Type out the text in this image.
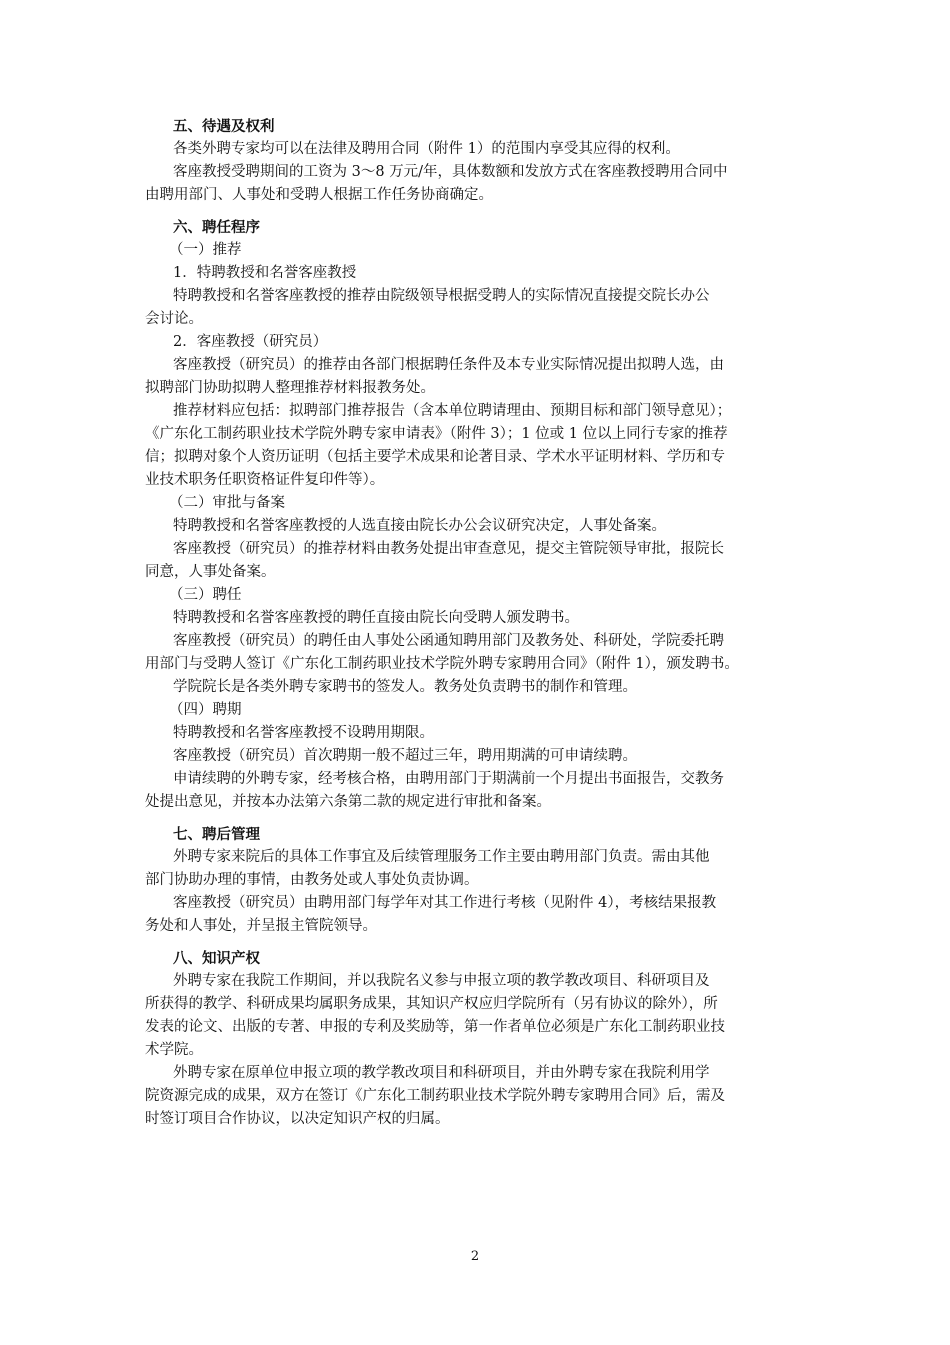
五、待遇及权利
各类外聘专家均可以在法律及聘用合同（附件 1）的范围内享受其应得的权利。
客座教授受聘期间的工资为 3～8 万元/年，具体数额和发放方式在客座教授聘用合同中
由聘用部门、人事处和受聘人根据工作任务协商确定。
六、聘任程序
（一）推荐
1．特聘教授和名誉客座教授
特聘教授和名誉客座教授的推荐由院级领导根据受聘人的实际情况直接提交院长办公
会讨论。
2．客座教授（研究员）
客座教授（研究员）的推荐由各部门根据聘任条件及本专业实际情况提出拟聘人选，由
拟聘部门协助拟聘人整理推荐材料报教务处。
推荐材料应包括：拟聘部门推荐报告（含本单位聘请理由、预期目标和部门领导意见）；
《广东化工制药职业技术学院外聘专家申请表》（附件 3）；1 位或 1 位以上同行专家的推荐
信；拟聘对象个人资历证明（包括主要学术成果和论著目录、学术水平证明材料、学历和专
业技术职务任职资格证件复印件等）。
（二）审批与备案
特聘教授和名誉客座教授的人选直接由院长办公会议研究决定，人事处备案。
客座教授（研究员）的推荐材料由教务处提出审查意见，提交主管院领导审批，报院长
同意，人事处备案。
（三）聘任
特聘教授和名誉客座教授的聘任直接由院长向受聘人颁发聘书。
客座教授（研究员）的聘任由人事处公函通知聘用部门及教务处、科研处，学院委托聘
用部门与受聘人签订《广东化工制药职业技术学院外聘专家聘用合同》（附件 1），颁发聘书。
学院院长是各类外聘专家聘书的签发人。教务处负责聘书的制作和管理。
（四）聘期
特聘教授和名誉客座教授不设聘用期限。
客座教授（研究员）首次聘期一般不超过三年，聘用期满的可申请续聘。
申请续聘的外聘专家，经考核合格，由聘用部门于期满前一个月提出书面报告，交教务
处提出意见，并按本办法第六条第二款的规定进行审批和备案。
七、聘后管理
外聘专家来院后的具体工作事宜及后续管理服务工作主要由聘用部门负责。需由其他
部门协助办理的事情，由教务处或人事处负责协调。
客座教授（研究员）由聘用部门每学年对其工作进行考核（见附件 4），考核结果报教
务处和人事处，并呈报主管院领导。
八、知识产权
外聘专家在我院工作期间，并以我院名义参与申报立项的教学教改项目、科研项目及
所获得的教学、科研成果均属职务成果，其知识产权应归学院所有（另有协议的除外），所
发表的论文、出版的专著、申报的专利及奖励等，第一作者单位必须是广东化工制药职业技
术学院。
外聘专家在原单位申报立项的教学教改项目和科研项目，并由外聘专家在我院利用学
院资源完成的成果，双方在签订《广东化工制药职业技术学院外聘专家聘用合同》后，需及
时签订项目合作协议，以决定知识产权的归属。
2
